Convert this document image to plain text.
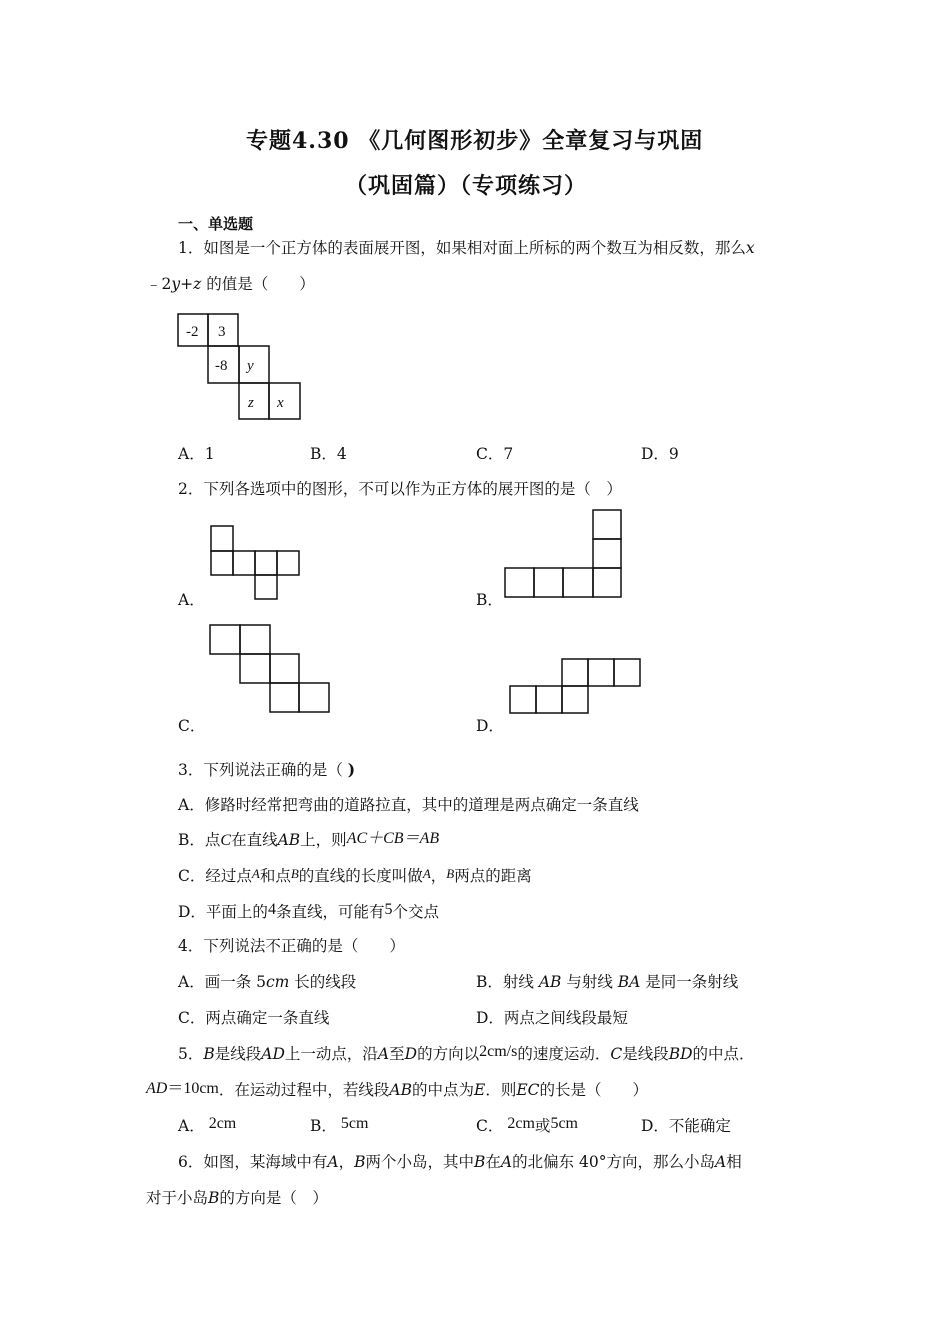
专题4.30 《几何图形初步》全章复习与巩固
（巩固篇）（专项练习）
一、单选题
1．如图是一个正方体的表面展开图，如果相对面上所标的两个数互为相反数，那么x
﹣2y+z 的值是（　　）
-2 3
-8 y
z x
A．1	B．4	C．7	D．9
2．下列各选项中的图形，不可以作为正方体的展开图的是（　）
A．	B．
C．	D．
3．下列说法正确的是（ )
A．修路时经常把弯曲的道路拉直，其中的道理是两点确定一条直线
B．点C在直线AB上，则AC＋CB＝AB
C．经过点A和点B的直线的长度叫做A，B两点的距离
D．平面上的4条直线，可能有5个交点
4．下列说法不正确的是（　　）
A．画一条 5cm 长的线段	B．射线 AB 与射线 BA 是同一条射线
C．两点确定一条直线	D．两点之间线段最短
5．B是线段AD上一动点，沿A至D的方向以2cm/s的速度运动．C是线段BD的中点．
AD＝10cm．在运动过程中，若线段AB的中点为E．则EC的长是（　　）
A． 2cm	B． 5cm	C． 2cm或5cm	D．不能确定
6．如图，某海域中有A，B两个小岛，其中B在A的北偏东 40°方向，那么小岛A相
对于小岛B的方向是（　）
